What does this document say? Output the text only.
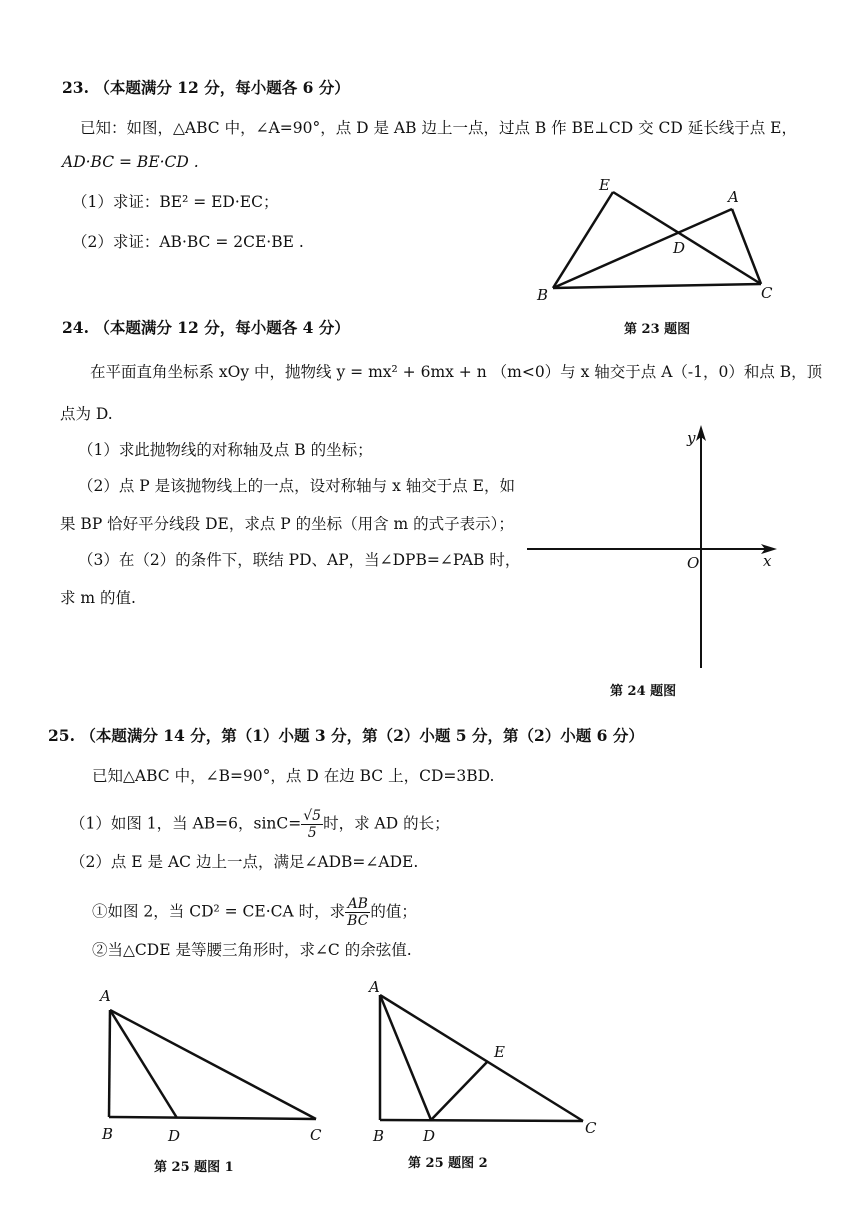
23. （本题满分 12 分，每小题各 6 分）
已知：如图，△ABC 中，∠A=90°，点 D 是 AB 边上一点，过点 B 作 BE⊥CD 交 CD 延长线于点 E，
AD·BC = BE·CD .
（1）求证：BE² = ED·EC；
（2）求证：AB·BC = 2CE·BE .
E
A
D
B	C
第 23 题图
24. （本题满分 12 分，每小题各 4 分）
在平面直角坐标系 xOy 中，抛物线 y = mx² + 6mx + n （m<0）与 x 轴交于点 A（-1，0）和点 B，顶
点为 D.
（1）求此抛物线的对称轴及点 B 的坐标；
（2）点 P 是该抛物线上的一点，设对称轴与 x 轴交于点 E，如
果 BP 恰好平分线段 DE，求点 P 的坐标（用含 m 的式子表示）；
（3）在（2）的条件下，联结 PD、AP，当∠DPB=∠PAB 时，
求 m 的值.
y
O	x
第 24 题图
25. （本题满分 14 分，第（1）小题 3 分，第（2）小题 5 分，第（2）小题 6 分）
已知△ABC 中，∠B=90°，点 D 在边 BC 上，CD=3BD.
（1）如图 1，当 AB=6，$\sin C= \frac{√5}{5}$ 时，求 AD 的长；
（2）点 E 是 AC 边上一点，满足∠ADB=∠ADE.
①如图 2，当 CD² = CE·CA 时，求 $\frac{AB}{BC}$ 的值；
②当△CDE 是等腰三角形时，求∠C 的余弦值.
A
B	D	C
第 25 题图 1
A
E
B	D	C
第 25 题图 2
